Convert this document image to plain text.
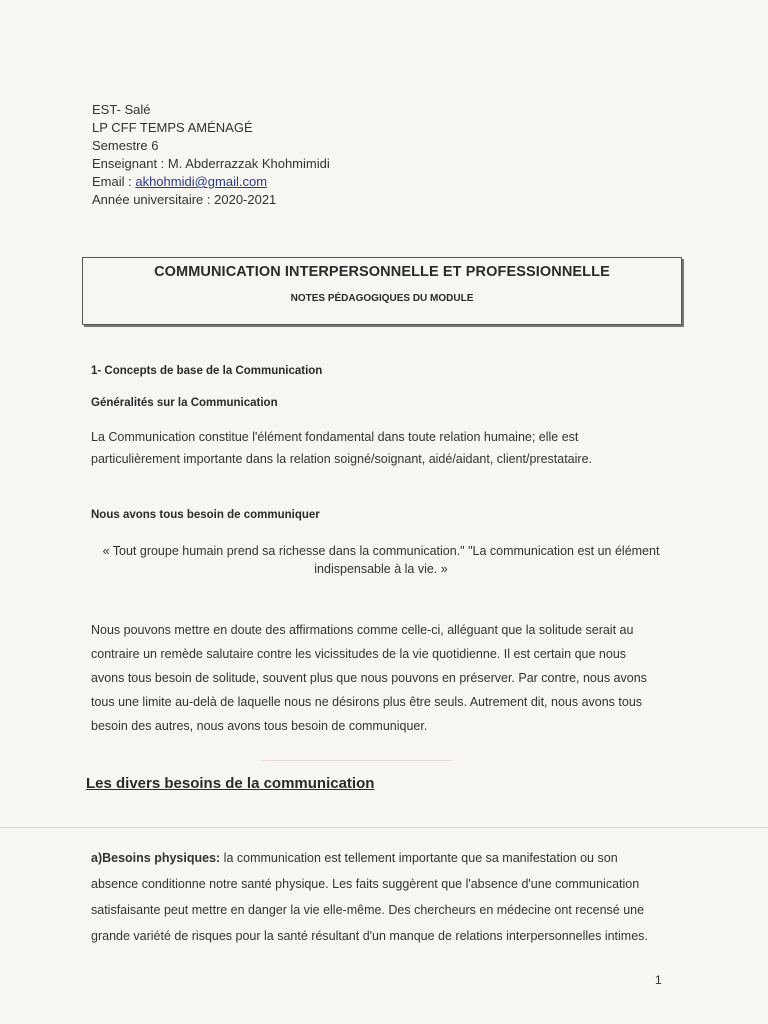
EST- Salé
LP CFF TEMPS AMÉNAGÉ
Semestre 6
Enseignant : M. Abderrazzak Khohmimidi
Email : akhohmidi@gmail.com
Année universitaire : 2020-2021
COMMUNICATION INTERPERSONNELLE ET PROFESSIONNELLE
NOTES PÉDAGOGIQUES DU MODULE
1- Concepts de base de la Communication
Généralités sur la Communication

La Communication constitue l'élément fondamental dans toute relation humaine; elle est

particulièrement importante dans la relation soigné/soignant, aidé/aidant, client/prestataire.

Nous avons tous besoin de communiquer
« Tout groupe humain prend sa richesse dans la communication." "La communication est un élément
indispensable à la vie. »

Nous pouvons mettre en doute des affirmations comme celle-ci, alléguant que la solitude serait au

contraire un remède salutaire contre les vicissitudes de la vie quotidienne. Il est certain que nous

avons tous besoin de solitude, souvent plus que nous pouvons en préserver. Par contre, nous avons

tous une limite au-delà de laquelle nous ne désirons plus être seuls. Autrement dit, nous avons tous

besoin des autres, nous avons tous besoin de communiquer.

Les divers besoins de la communication

a)Besoins physiques: la communication est tellement importante que sa manifestation ou son

absence conditionne notre santé physique. Les faits suggèrent que l'absence d'une communication

satisfaisante peut mettre en danger la vie elle-même. Des chercheurs en médecine ont recensé une

grande variété de risques pour la santé résultant d'un manque de relations interpersonnelles intimes.

1
